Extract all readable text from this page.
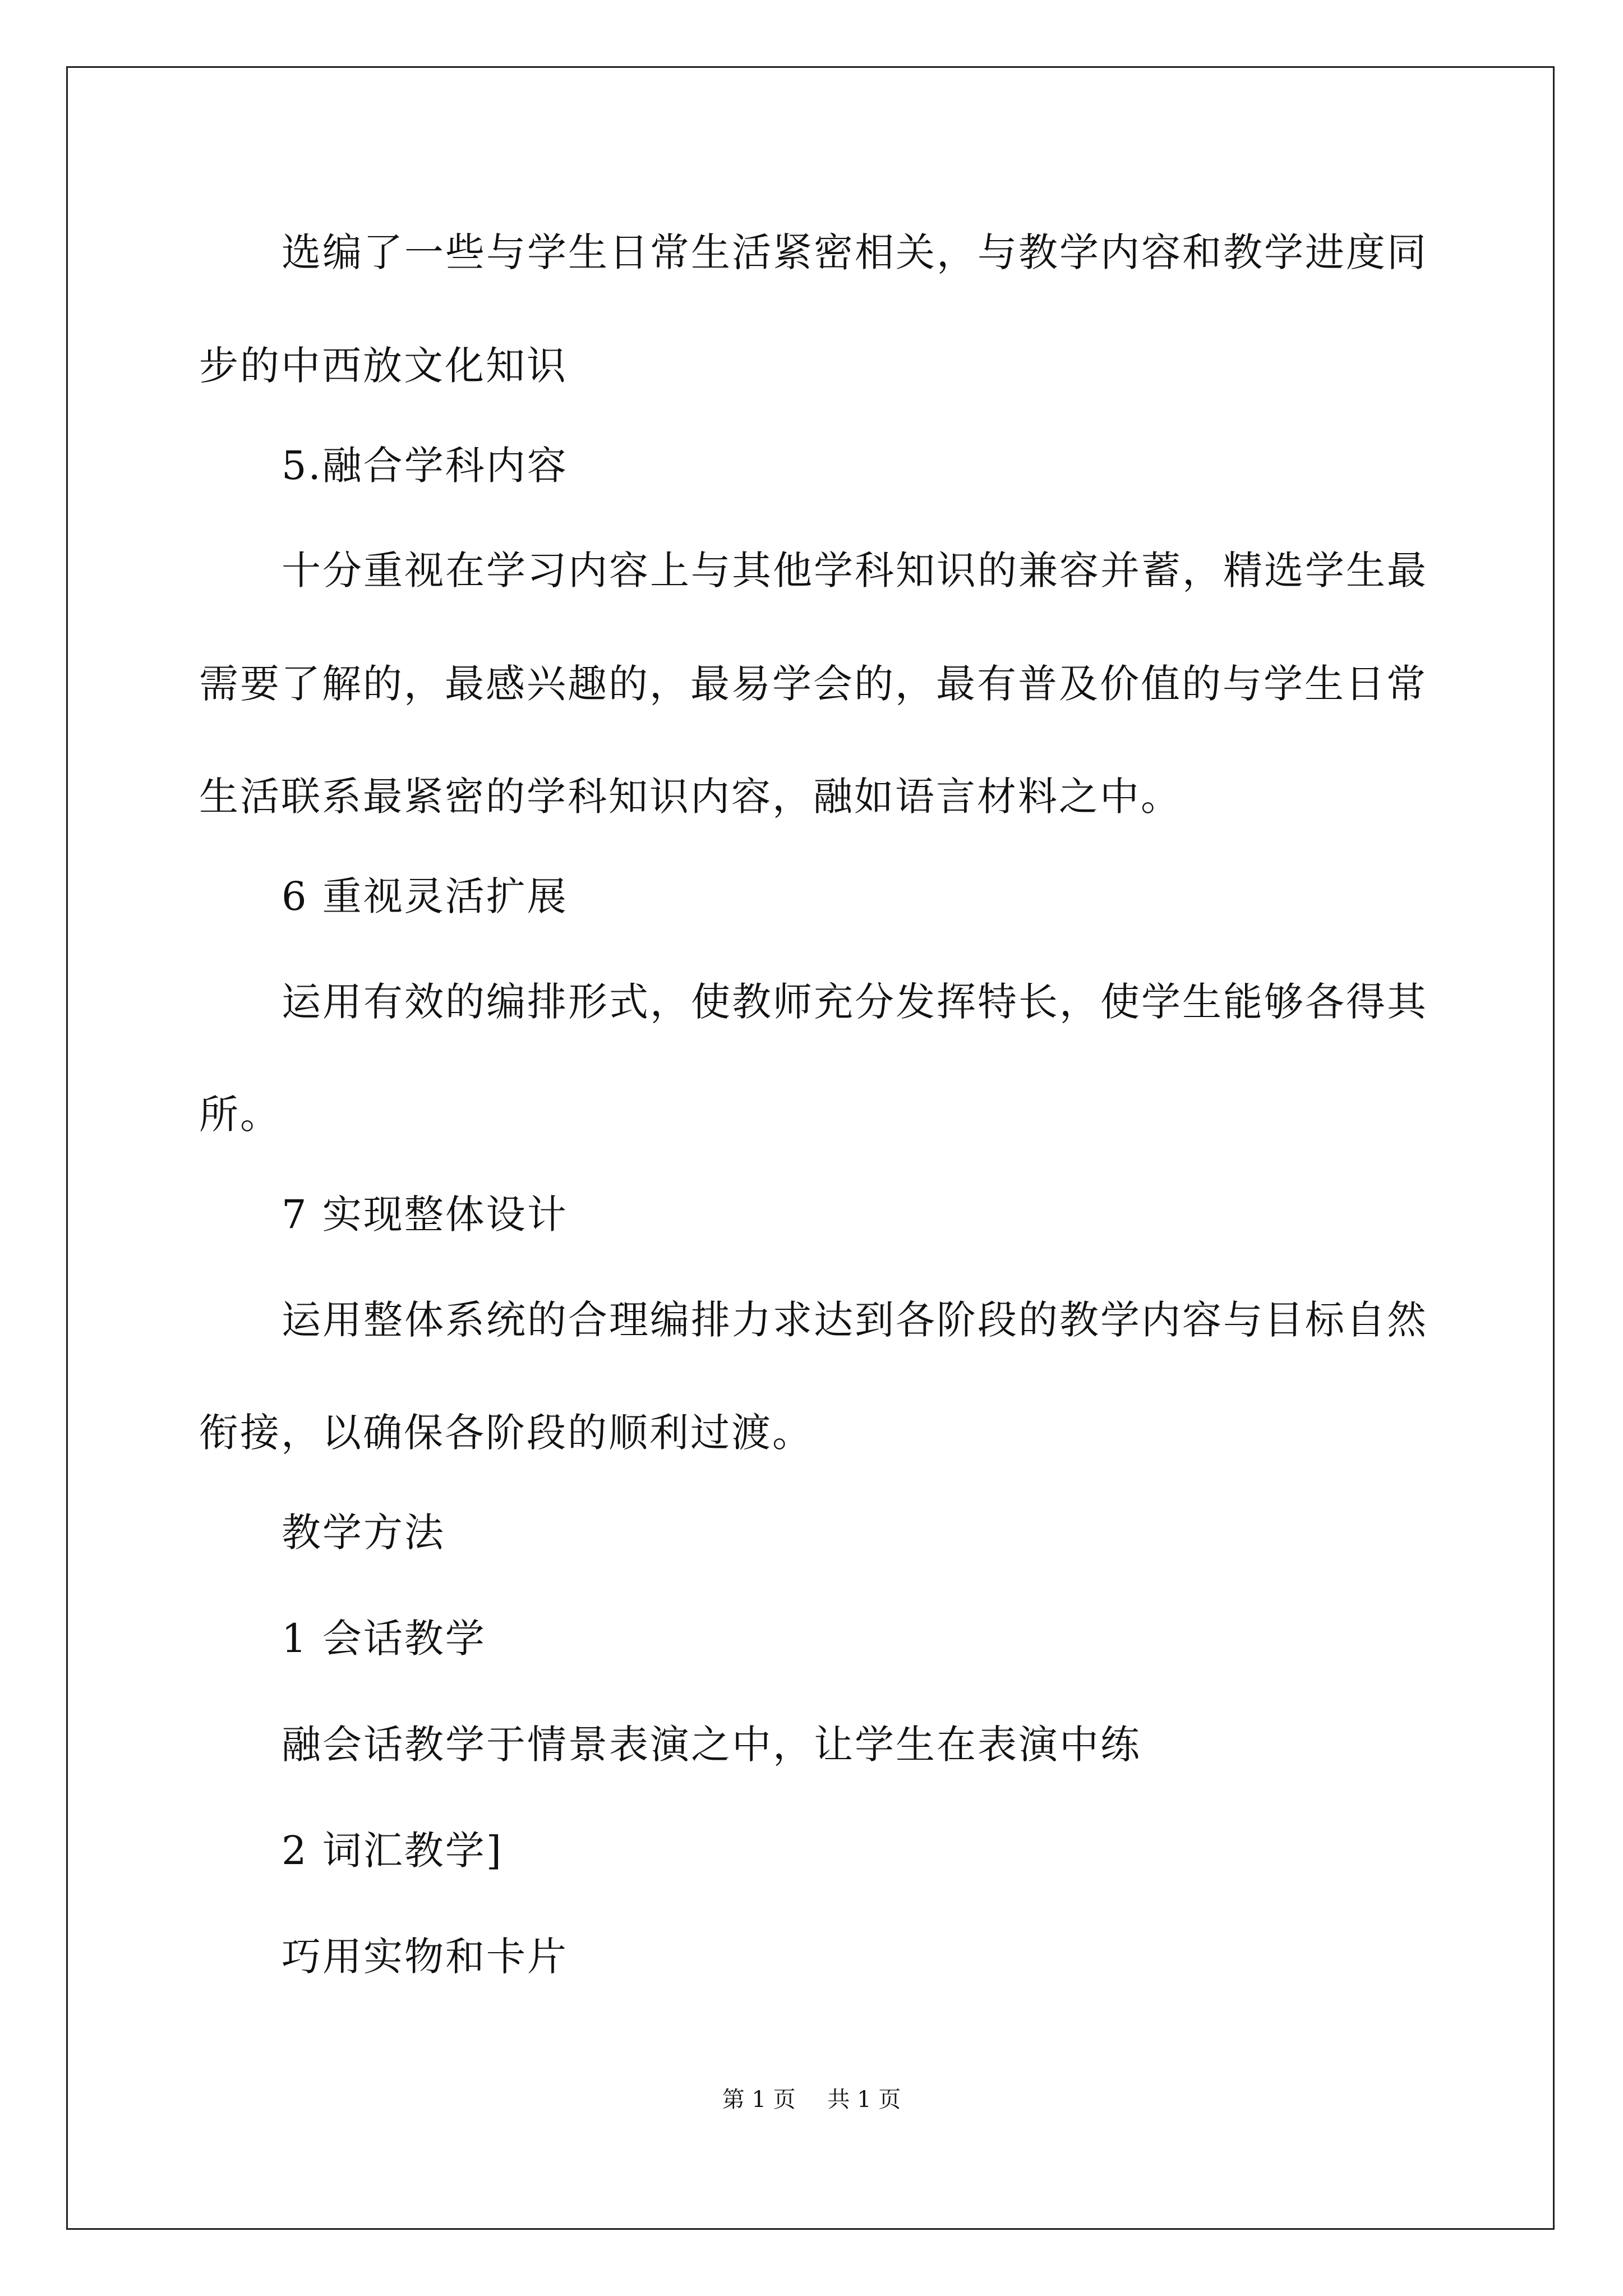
选编了一些与学生日常生活紧密相关，与教学内容和教学进度同
步的中西放文化知识
5.融合学科内容
十分重视在学习内容上与其他学科知识的兼容并蓄，精选学生最
需要了解的，最感兴趣的，最易学会的，最有普及价值的与学生日常
生活联系最紧密的学科知识内容，融如语言材料之中。
6 重视灵活扩展
运用有效的编排形式，使教师充分发挥特长，使学生能够各得其
所。
7 实现整体设计
运用整体系统的合理编排力求达到各阶段的教学内容与目标自然
衔接，以确保各阶段的顺利过渡。
教学方法
1 会话教学
融会话教学于情景表演之中，让学生在表演中练
2 词汇教学]
巧用实物和卡片
第 1 页 共 1 页
